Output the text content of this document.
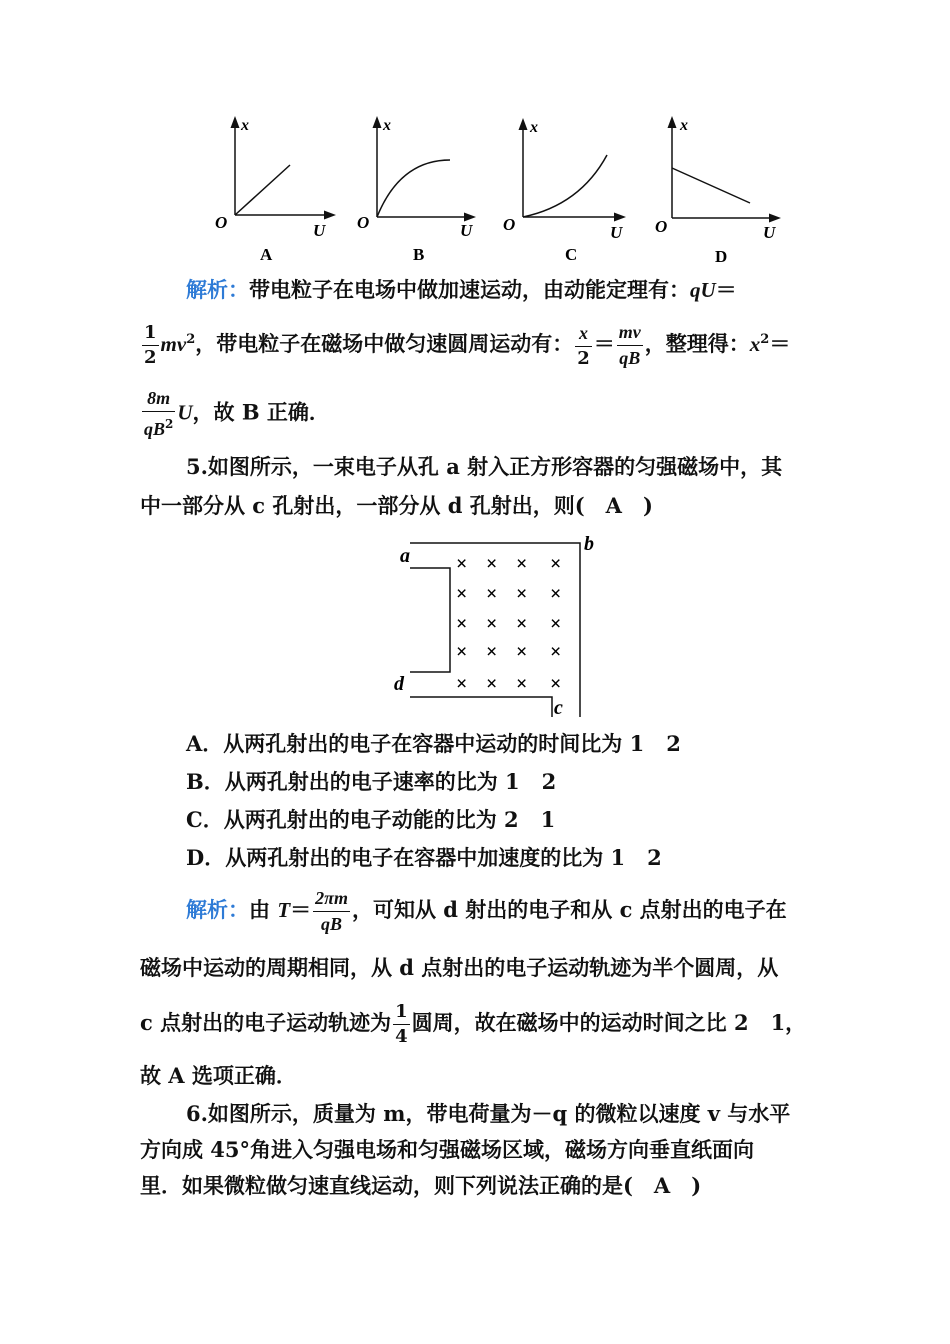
x
O	U
A
x
O	U
B
x
O	U
C
x
O	U
D
解析：带电粒子在电场中做加速运动，由动能定理有：qU＝
$\frac{1}{2} mv^2$，带电粒子在磁场中做匀速圆周运动有： $\frac{x}{2} = \frac{mv}{qB}$ ，整理得：$x^2=$
$\frac{8m}{qB^2}$ U，故 B 正确．
5.如图所示，一束电子从孔 a 射入正方形容器的匀强磁场中，其
中一部分从 c 孔射出，一部分从 d 孔射出，则(　A　)
a
b
d
c
× × × ×
× × × ×
× × × ×
× × × ×
× × × ×
A．从两孔射出的电子在容器中运动的时间比为 1 2
B．从两孔射出的电子速率的比为 1 2
C．从两孔射出的电子动能的比为 2 1
D．从两孔射出的电子在容器中加速度的比为 1 2
解析：由 $T= \frac{2\pi m}{qB}$ ，可知从 d 射出的电子和从 c 点射出的电子在
磁场中运动的周期相同，从 d 点射出的电子运动轨迹为半个圆周，从
c 点射出的电子运动轨迹为 $\frac{1}{4}$ 圆周，故在磁场中的运动时间之比 2 1，
故 A 选项正确．
6.如图所示，质量为 m，带电荷量为－q 的微粒以速度 v 与水平
方向成 45°角进入匀强电场和匀强磁场区域，磁场方向垂直纸面向
里．如果微粒做匀速直线运动，则下列说法正确的是(　A　)
